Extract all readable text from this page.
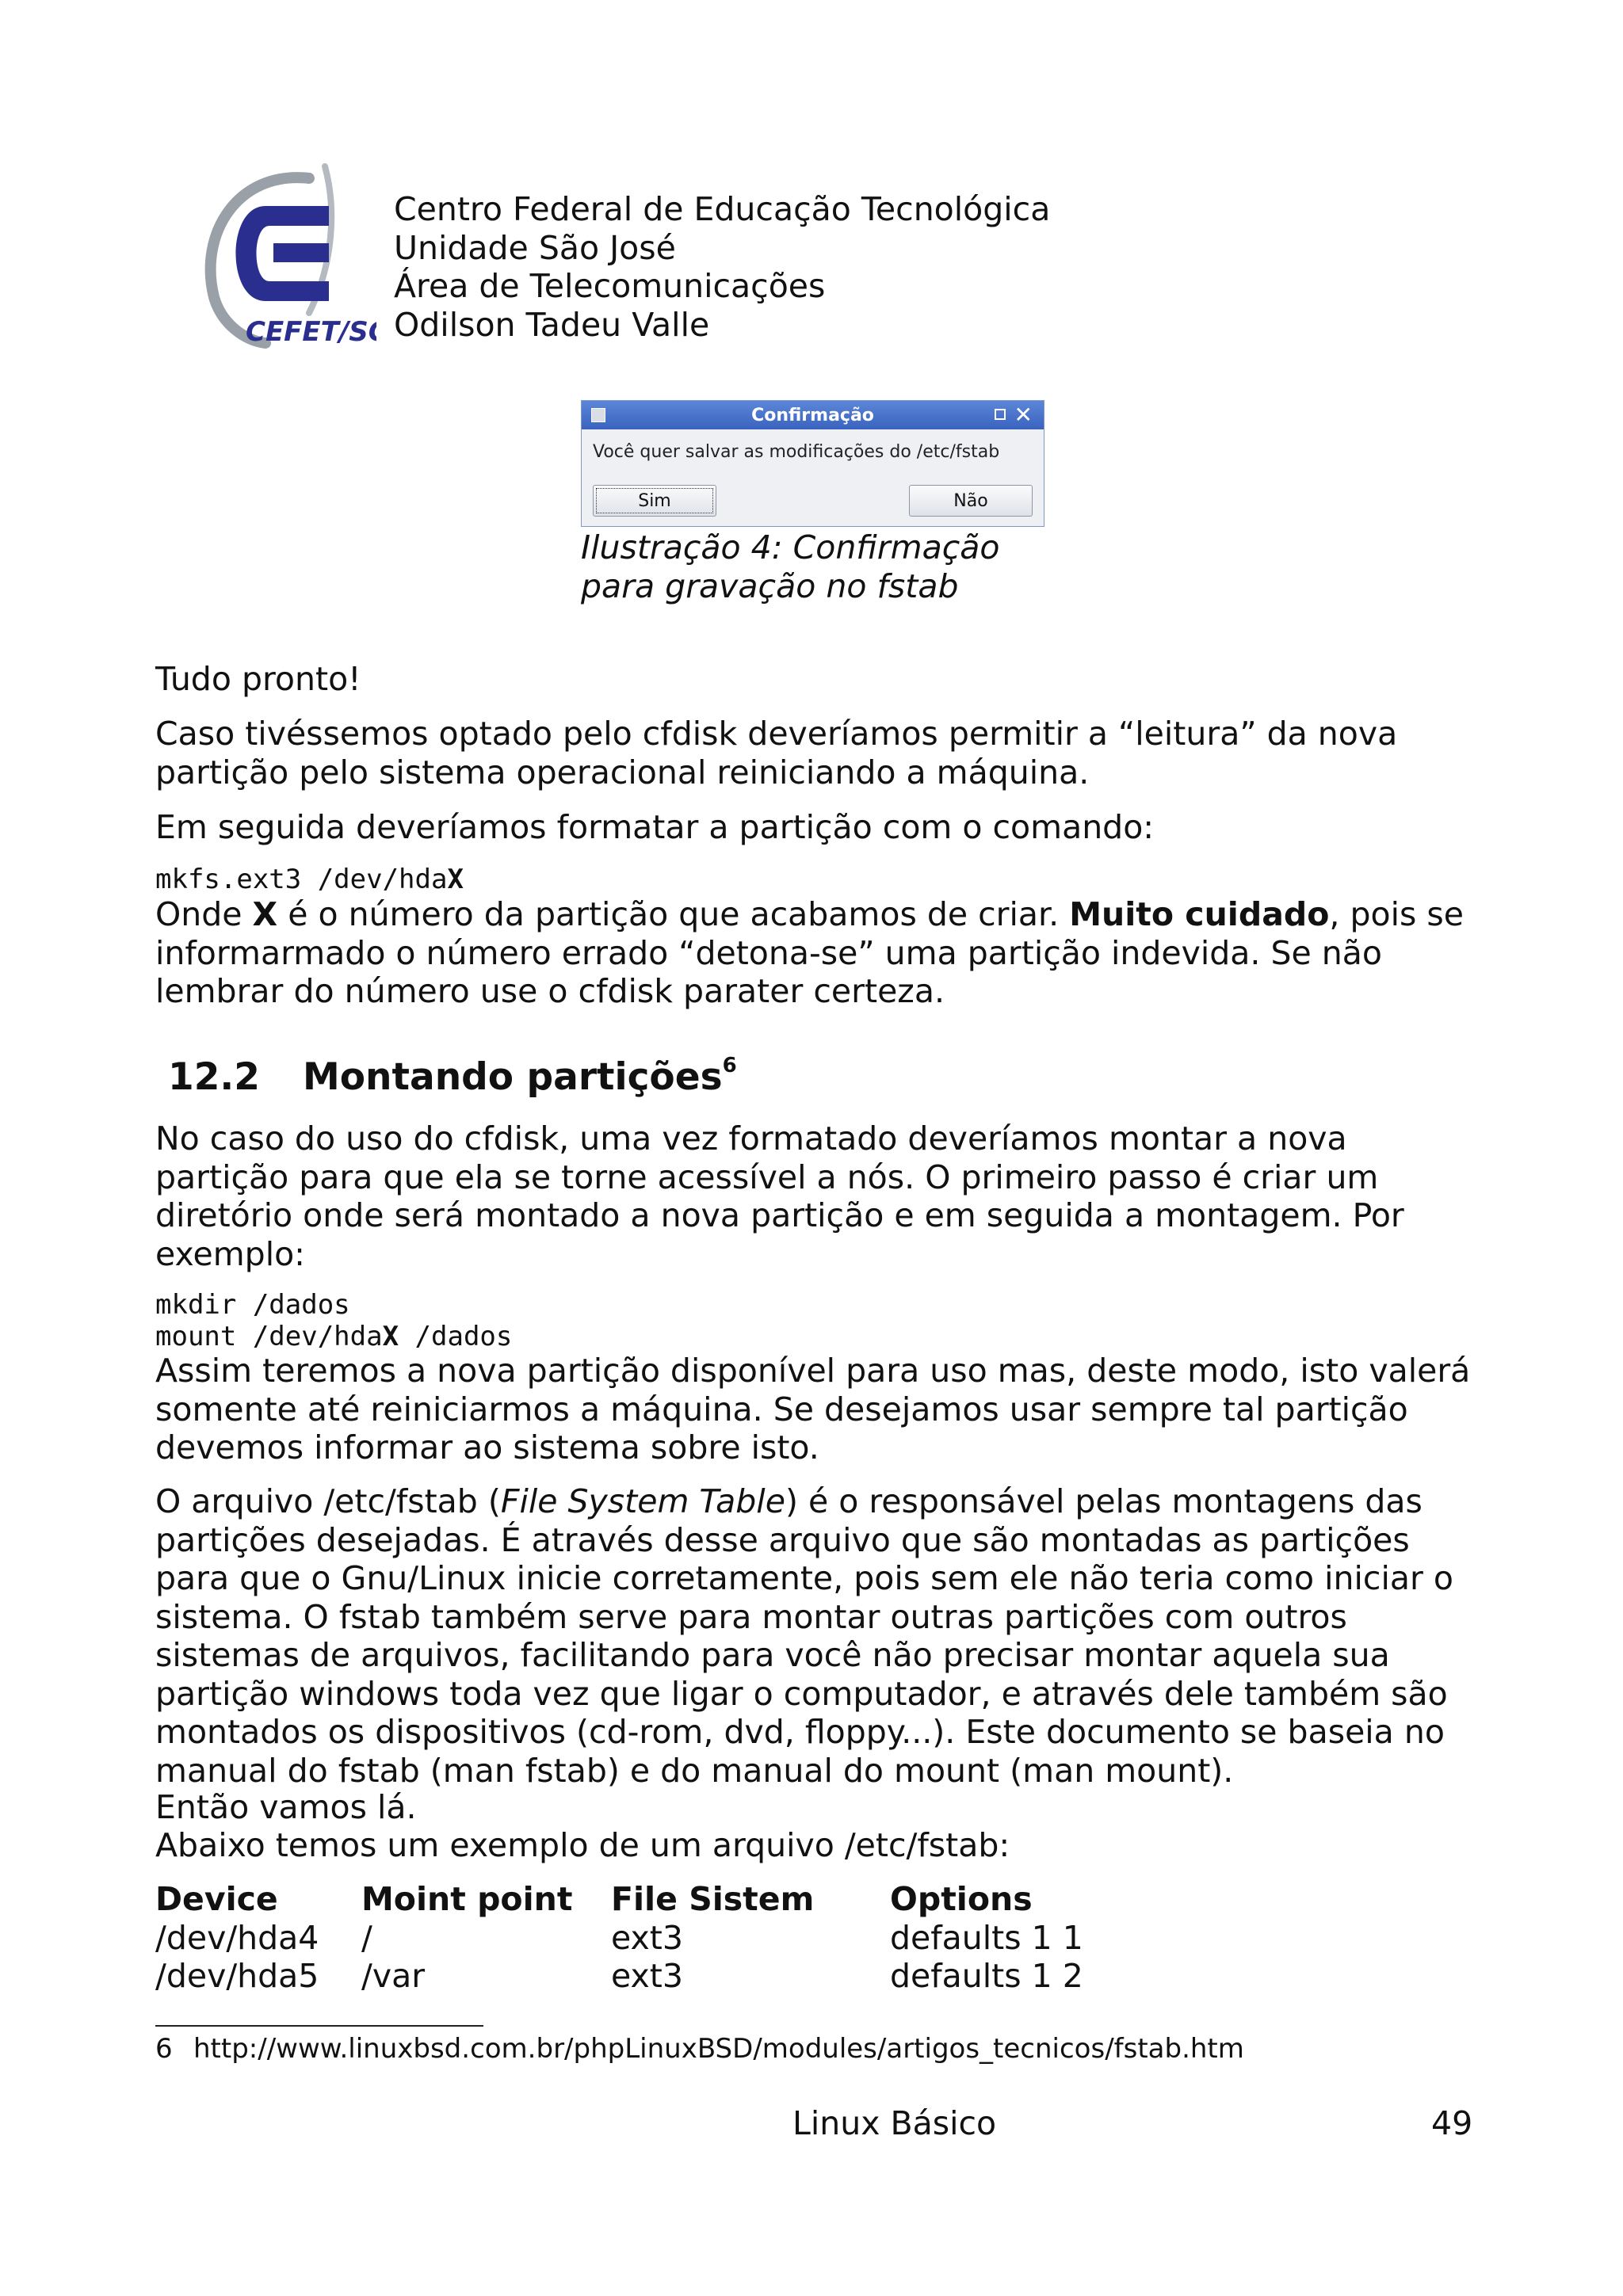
CEFET/SC
Centro Federal de Educação Tecnológica
Unidade São José
Área de Telecomunicações
Odilson Tadeu Valle
Confirmação	✕
Você quer salvar as modificações do /etc/fstab
Sim	Não
Ilustração 4: Confirmação
para gravação no fstab
Tudo pronto!
Caso tivéssemos optado pelo cfdisk deveríamos permitir a “leitura” da nova partição pelo sistema operacional reiniciando a máquina.
Em seguida deveríamos formatar a partição com o comando:
mkfs.ext3 /dev/hdaX
Onde X é o número da partição que acabamos de criar. Muito cuidado, pois se informarmado o número errado “detona-se” uma partição indevida. Se não lembrar do número use o cfdisk parater certeza.
12.2 Montando partições$^6$
No caso do uso do cfdisk, uma vez formatado deveríamos montar a nova partição para que ela se torne acessível a nós. O primeiro passo é criar um diretório onde será montado a nova partição e em seguida a montagem. Por exemplo:
mkdir /dados
mount /dev/hdaX /dados
Assim teremos a nova partição disponível para uso mas, deste modo, isto valerá somente até reiniciarmos a máquina. Se desejamos usar sempre tal partição devemos informar ao sistema sobre isto.
O arquivo /etc/fstab (File System Table) é o responsável pelas montagens das partições desejadas. É através desse arquivo que são montadas as partições para que o Gnu/Linux inicie corretamente, pois sem ele não teria como iniciar o sistema. O fstab também serve para montar outras partições com outros sistemas de arquivos, facilitando para você não precisar montar aquela sua partição windows toda vez que ligar o computador, e através dele também são montados os dispositivos (cd-rom, dvd, floppy...). Este documento se baseia no manual do fstab (man fstab) e do manual do mount (man mount).
Então vamos lá.
Abaixo temos um exemplo de um arquivo /etc/fstab:
Device	Moint point	File Sistem	Options
/dev/hda4	/	ext3	defaults 1 1
/dev/hda5	/var	ext3	defaults 1 2
6 http://www.linuxbsd.com.br/phpLinuxBSD/modules/artigos_tecnicos/fstab.htm
Linux Básico	49
